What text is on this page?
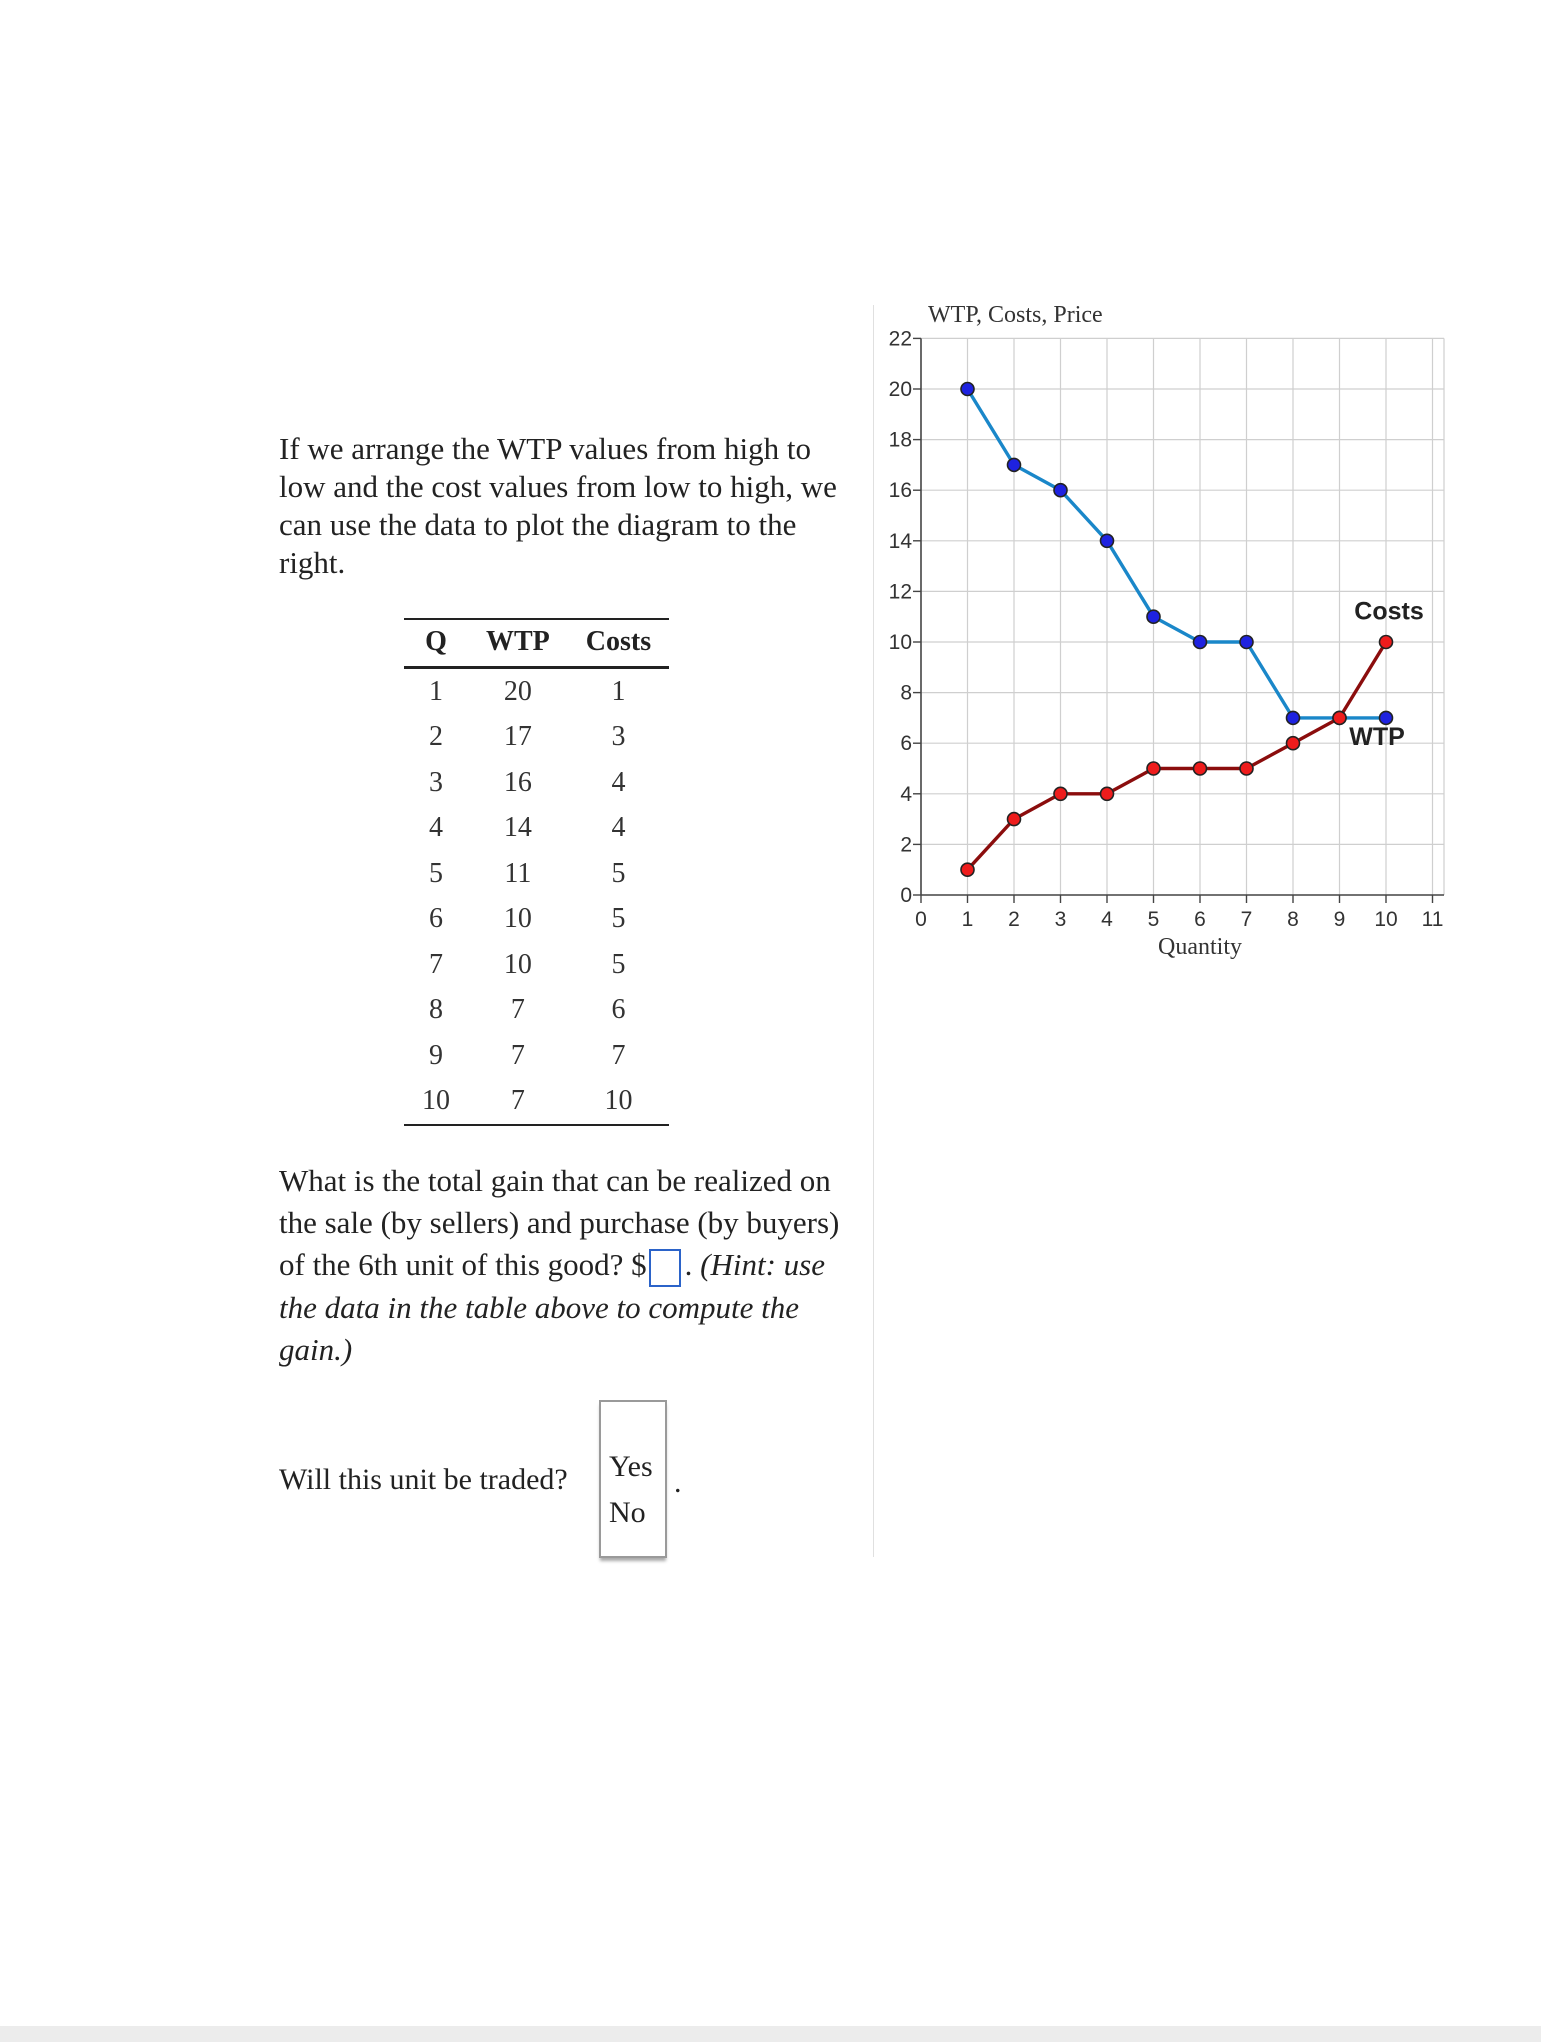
If we arrange the WTP values from high to low and the cost values from low to high, we can use the data to plot the diagram to the right.

Q	WTP	Costs
1	20	1
2	17	3
3	16	4
4	14	4
5	11	5
6	10	5
7	10	5
8	7	6
9	7	7
10	7	10

What is the total gain that can be realized on the sale (by sellers) and purchase (by buyers) of the 6th unit of this good? $ . (Hint: use the data in the table above to compute the gain.)

Will this unit be traded? Yes
No
.
0
2
4
6
8
10
12
14
16
18
20
22
0 1 2 3 4 5 6 7 8 9 10 11
WTP, Costs, Price
Quantity
Costs
WTP
